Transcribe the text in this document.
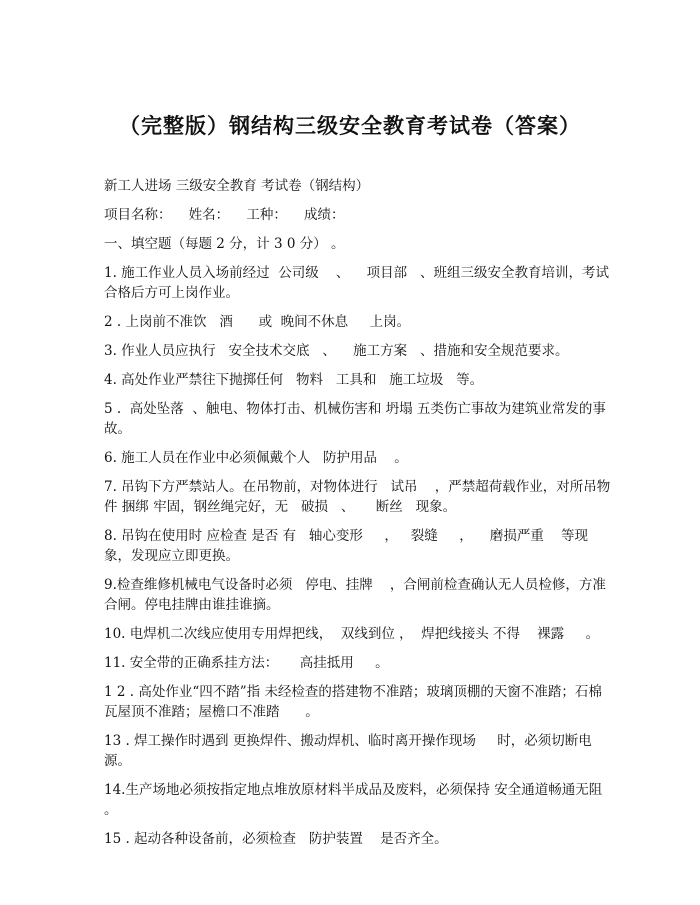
（完整版）钢结构三级安全教育考试卷（答案）
新工人进场 三级安全教育 考试卷（钢结构）
项目名称：    姓名：    工种：    成绩：
一、填空题（每题 2 分，计 3 0 分） 。
1. 施工作业人员入场前经过  公司级    、    项目部   、班组三级安全教育培训，考试合格后方可上岗作业。
2 . 上岗前不准饮   酒      或  晚间不休息     上岗。
3. 作业人员应执行   安全技术交底   、    施工方案   、措施和安全规范要求。
4. 高处作业严禁往下抛掷任何   物料   工具和   施工垃圾   等。
5 .  高处坠落  、触电、物体打击、机械伤害和 坍塌 五类伤亡事故为建筑业常发的事故。
6. 施工人员在作业中必须佩戴个人   防护用品    。
7. 吊钩下方严禁站人。在吊物前，对物体进行   试吊    ，严禁超荷载作业，对所吊物件 捆绑 牢固，钢丝绳完好，无   破损   、     断丝   现象。
8. 吊钩在使用时 应检查 是否 有   轴心变形     ，   裂缝     ，    磨损严重    等现象，发现应立即更换。
9.检查维修机械电气设备时必须   停电、挂牌    ，合闸前检查确认无人员检修，方准合闸。停电挂牌由谁挂谁摘。
10. 电焊机二次线应使用专用焊把线，  双线到位 ，  焊把线接头 不得    裸露     。
11. 安全带的正确系挂方法：     高挂抵用     。
1 2 . 高处作业“四不踏”指 未经检查的搭建物不准踏；玻璃顶棚的天窗不准踏；石棉瓦屋顶不准踏；屋檐口不准踏      。
13 . 焊工操作时遇到 更换焊件、搬动焊机、临时离开操作现场     时，必须切断电源。
14.生产场地必须按指定地点堆放原材料半成品及废料，必须保持 安全通道畅通无阻 。
15 . 起动各种设备前，必须检查   防护装置    是否齐全。
